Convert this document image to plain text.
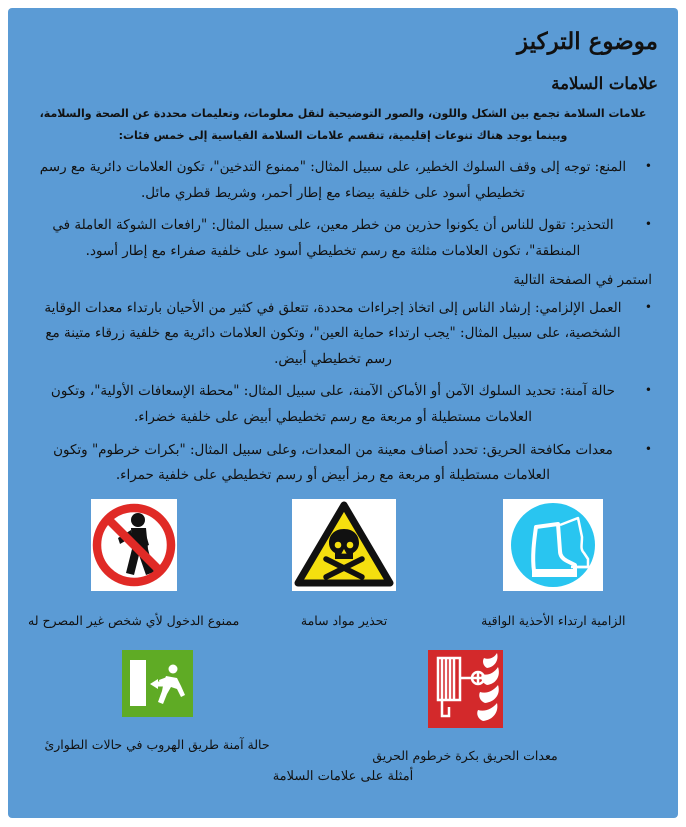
موضوع التركيز
علامات السلامة

علامات السلامة تجمع بين الشكل واللون، والصور التوضيحية لنقل معلومات، وتعليمات محددة عن الصحة والسلامة، وبينما يوجد هناك تنوعات إقليمية، تنقسم علامات السلامة القياسية إلى خمس فئات:

•
المنع: توجه إلى وقف السلوك الخطير، على سبيل المثال: "ممنوع التدخين"، تكون العلامات دائرية مع رسم تخطيطي أسود على خلفية بيضاء مع إطار أحمر، وشريط قطري مائل.
•
التحذير: تقول للناس أن يكونوا حذرين من خطر معين، على سبيل المثال: "رافعات الشوكة العاملة في المنطقة"، تكون العلامات مثلثة مع رسم تخطيطي أسود على خلفية صفراء مع إطار أسود.

استمر في الصفحة التالية

•
العمل الإلزامي: إرشاد الناس إلى اتخاذ إجراءات محددة، تتعلق في كثير من الأحيان بارتداء معدات الوقاية الشخصية، على سبيل المثال: "يجب ارتداء حماية العين"، وتكون العلامات دائرية مع خلفية زرقاء متينة مع رسم تخطيطي أبيض.
•
حالة آمنة: تحديد السلوك الآمن أو الأماكن الآمنة، على سبيل المثال: "محطة الإسعافات الأولية"، وتكون العلامات مستطيلة أو مربعة مع رسم تخطيطي أبيض على خلفية خضراء.
•
معدات مكافحة الحريق: تحدد أصناف معينة من المعدات، وعلى سبيل المثال: "بكرات خرطوم" وتكون العلامات مستطيلة أو مربعة مع رمز أبيض أو رسم تخطيطي على خلفية حمراء.
الزامية ارتداء الأحذية الواقية
تحذير مواد سامة
ممنوع الدخول لأي شخص غير المصرح له
معدات الحريق بكرة خرطوم الحريق
حالة آمنة طريق الهروب في حالات الطوارئ

أمثلة على علامات السلامة
